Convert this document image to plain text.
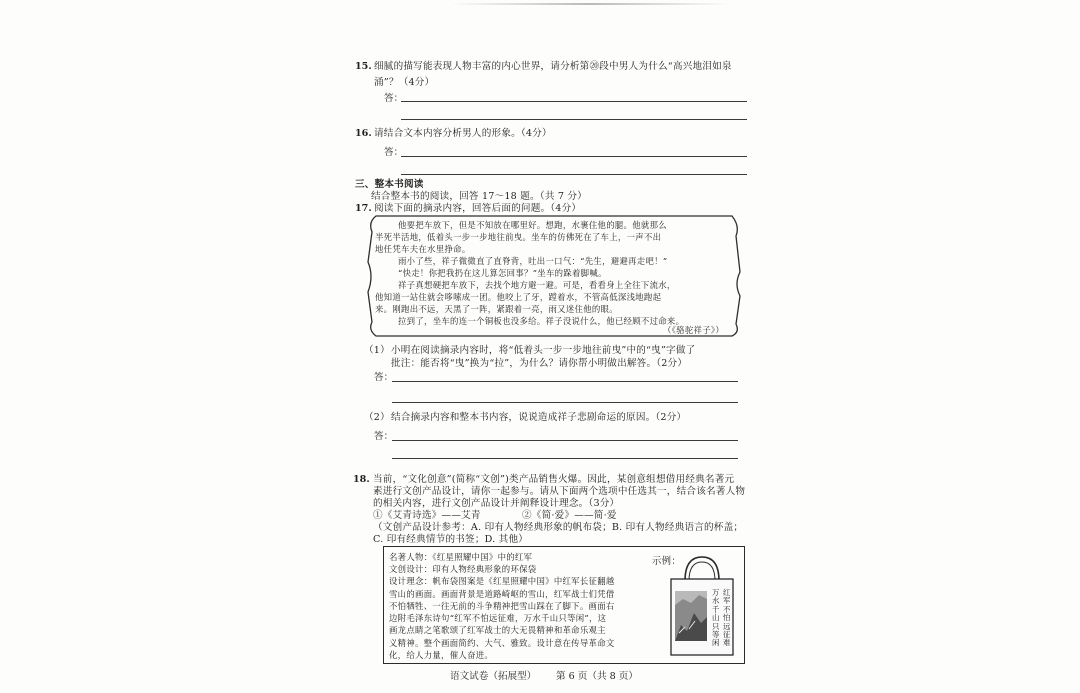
15. 细腻的描写能表现人物丰富的内心世界，请分析第⑳段中男人为什么“高兴地泪如泉
涌”？（4分）
答：
16. 请结合文本内容分析男人的形象。（4分）
答：
三、整本书阅读
结合整本书的阅读，回答 17～18 题。（共 7 分）
17. 阅读下面的摘录内容，回答后面的问题。（4分）
他要把车放下，但是不知放在哪里好。想跑，水裹住他的腿。他就那么
半死半活地，低着头一步一步地往前曳。坐车的仿佛死在了车上，一声不出
地任凭车夫在水里挣命。
雨小了些，祥子微微直了直脊背，吐出一口气：“先生，避避再走吧！”
“快走！你把我扔在这儿算怎回事？”坐车的跺着脚喊。
祥子真想硬把车放下，去找个地方避一避。可是，看看身上全往下流水，
他知道一站住就会哆嗦成一团。他咬上了牙，蹚着水，不管高低深浅地跑起
来。刚跑出不远，天黑了一阵，紧跟着一亮，雨又迷住他的眼。
拉到了，坐车的连一个铜板也没多给。祥子没说什么，他已经顾不过命来。
（《骆驼祥子》）
（1） 小明在阅读摘录内容时，将“低着头一步一步地往前曳”中的“曳”字做了
批注：能否将“曳”换为“拉”，为什么？请你帮小明做出解答。（2分）
答：
（2） 结合摘录内容和整本书内容，说说造成祥子悲剧命运的原因。（2分）
答：
18. 当前，“文化创意”(简称“文创”)类产品销售火爆。因此，某创意组想借用经典名著元
素进行文创产品设计，请你一起参与。请从下面两个选项中任选其一，结合该名著人物
的相关内容，进行文创产品设计并阐释设计理念。（3分）
①《艾青诗选》——艾青	②《简·爱》——简·爱
（文创产品设计参考：A. 印有人物经典形象的帆布袋；B. 印有人物经典语言的杯盖；
C. 印有经典情节的书签；D. 其他）
名著人物：《红星照耀中国》中的红军
文创设计：印有人物经典形象的环保袋
设计理念：帆布袋图案是《红星照耀中国》中红军长征翻越
雪山的画面。画面背景是道路崎岖的雪山，红军战士们凭借
不怕牺牲、一往无前的斗争精神把雪山踩在了脚下。画面右
边附毛泽东诗句“红军不怕远征难，万水千山只等闲”，这
画龙点睛之笔歌颂了红军战士的大无畏精神和革命乐观主
义精神。整个画面简约、大气、雅致。设计意在传导革命文
化，给人力量，催人奋进。
示例：
红军不怕远征难
万水千山只等闲
语文试卷（拓展型） 第 6 页（共 8 页）
